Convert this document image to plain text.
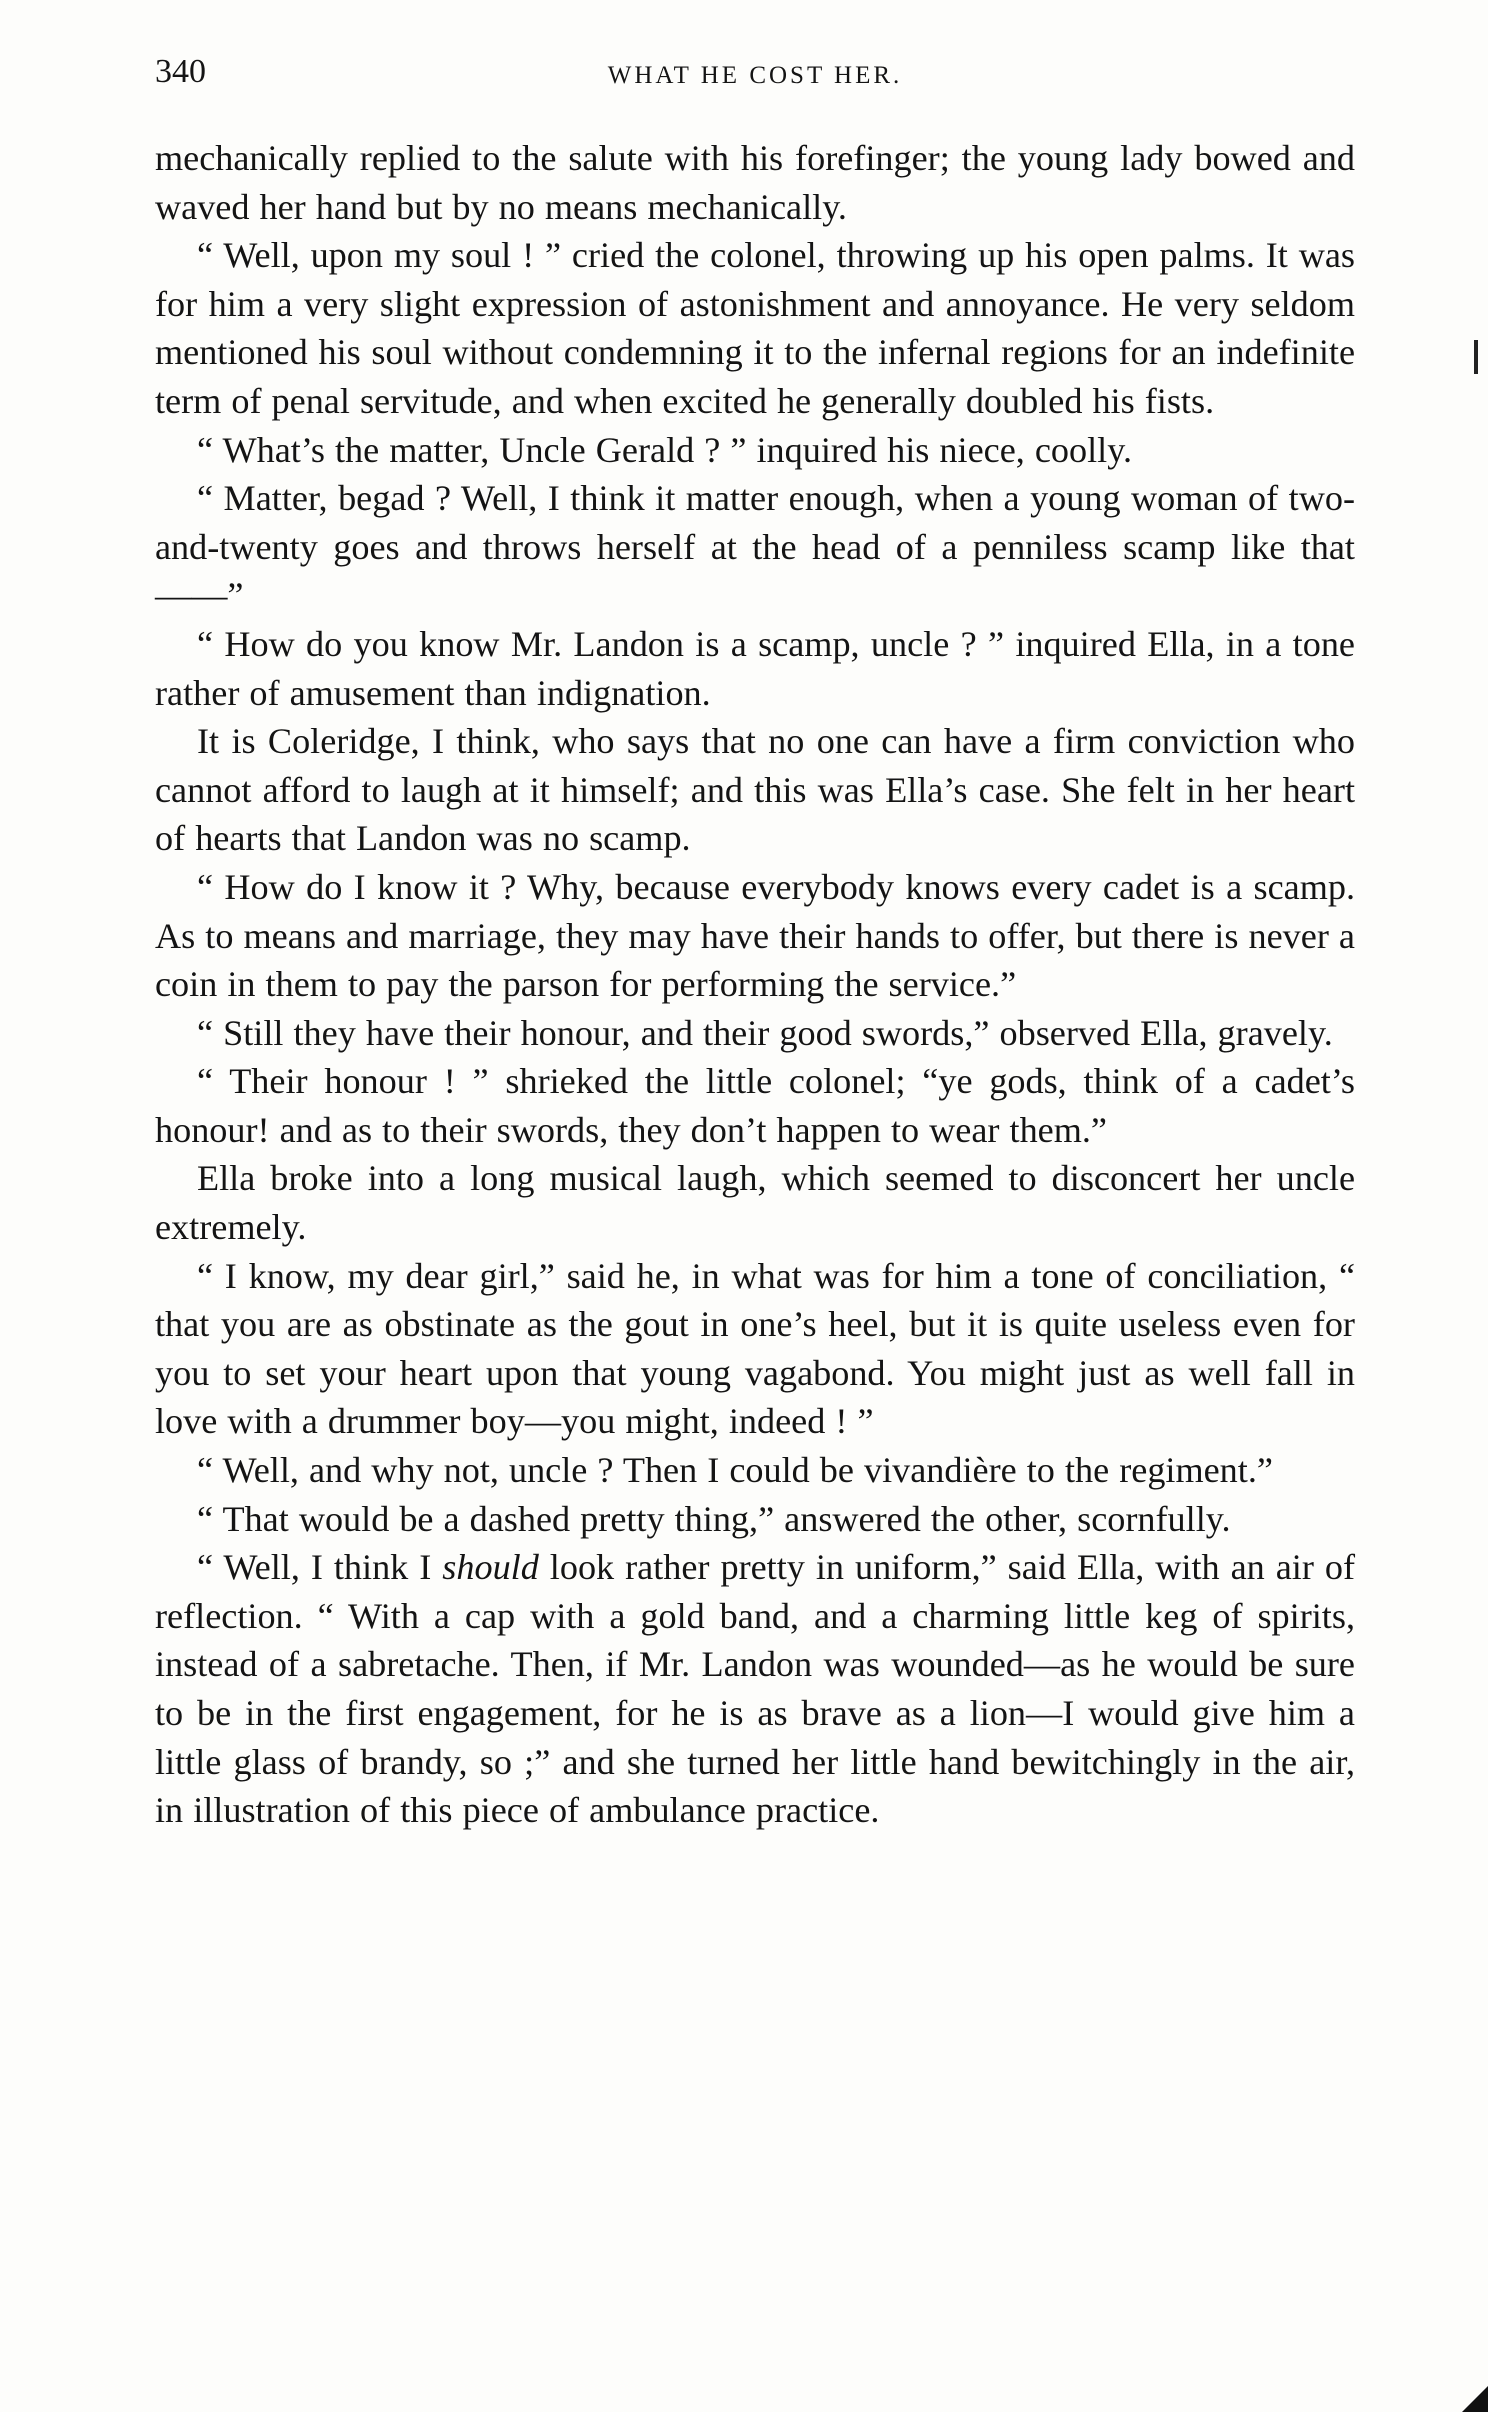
340	WHAT HE COST HER.

mechanically replied to the salute with his forefinger; the young lady bowed and waved her hand but by no means mechanically.

“ Well, upon my soul ! ” cried the colonel, throwing up his open palms. It was for him a very slight expression of astonishment and annoyance. He very seldom mentioned his soul without condemning it to the infernal regions for an indefinite term of penal servitude, and when excited he generally doubled his fists.

“ What’s the matter, Uncle Gerald ? ” inquired his niece, coolly.

“ Matter, begad ? Well, I think it matter enough, when a young woman of two-and-twenty goes and throws herself at the head of a penniless scamp like that——”

“ How do you know Mr. Landon is a scamp, uncle ? ” inquired Ella, in a tone rather of amusement than indignation.

It is Coleridge, I think, who says that no one can have a firm conviction who cannot afford to laugh at it himself; and this was Ella’s case. She felt in her heart of hearts that Landon was no scamp.

“ How do I know it ? Why, because everybody knows every cadet is a scamp. As to means and marriage, they may have their hands to offer, but there is never a coin in them to pay the parson for performing the service.”

“ Still they have their honour, and their good swords,” observed Ella, gravely.

“ Their honour ! ” shrieked the little colonel; “ye gods, think of a cadet’s honour! and as to their swords, they don’t happen to wear them.”

Ella broke into a long musical laugh, which seemed to disconcert her uncle extremely.

“ I know, my dear girl,” said he, in what was for him a tone of conciliation, “ that you are as obstinate as the gout in one’s heel, but it is quite useless even for you to set your heart upon that young vagabond. You might just as well fall in love with a drummer boy—you might, indeed ! ”

“ Well, and why not, uncle ? Then I could be vivandière to the regiment.”

“ That would be a dashed pretty thing,” answered the other, scornfully.

“ Well, I think I should look rather pretty in uniform,” said Ella, with an air of reflection. “ With a cap with a gold band, and a charming little keg of spirits, instead of a sabretache. Then, if Mr. Landon was wounded—as he would be sure to be in the first engagement, for he is as brave as a lion—I would give him a little glass of brandy, so ;” and she turned her little hand bewitchingly in the air, in illustration of this piece of ambulance practice.
